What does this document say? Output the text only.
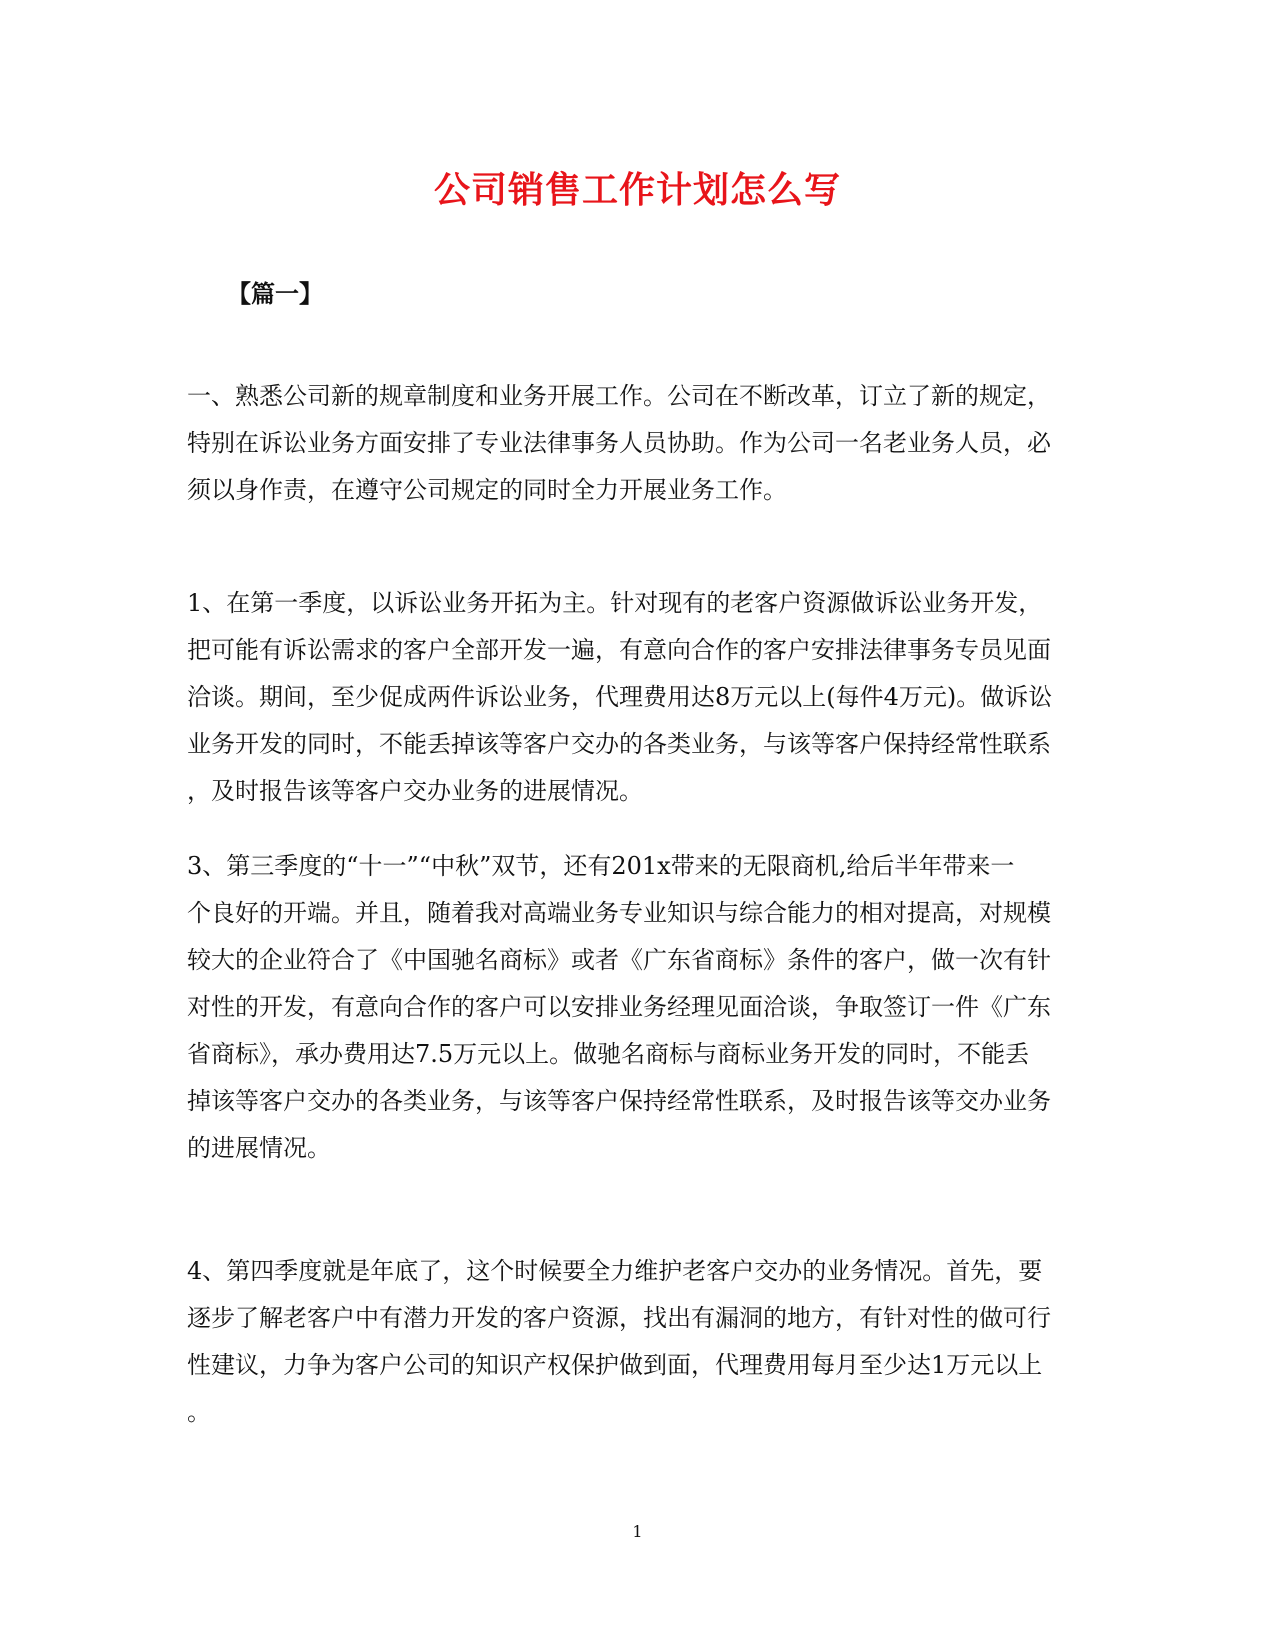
公司销售工作计划怎么写
【篇一】

一、熟悉公司新的规章制度和业务开展工作。公司在不断改革，订立了新的规定，
特别在诉讼业务方面安排了专业法律事务人员协助。作为公司一名老业务人员，必
须以身作责，在遵守公司规定的同时全力开展业务工作。

1、在第一季度，以诉讼业务开拓为主。针对现有的老客户资源做诉讼业务开发，
把可能有诉讼需求的客户全部开发一遍，有意向合作的客户安排法律事务专员见面
洽谈。期间，至少促成两件诉讼业务，代理费用达8万元以上(每件4万元)。做诉讼
业务开发的同时，不能丢掉该等客户交办的各类业务，与该等客户保持经常性联系
，及时报告该等客户交办业务的进展情况。

3、第三季度的“十一”“中秋”双节，还有201x带来的无限商机,给后半年带来一
个良好的开端。并且，随着我对高端业务专业知识与综合能力的相对提高，对规模
较大的企业符合了《中国驰名商标》或者《广东省商标》条件的客户，做一次有针
对性的开发，有意向合作的客户可以安排业务经理见面洽谈，争取签订一件《广东
省商标》，承办费用达7.5万元以上。做驰名商标与商标业务开发的同时，不能丢
掉该等客户交办的各类业务，与该等客户保持经常性联系，及时报告该等交办业务
的进展情况。

4、第四季度就是年底了，这个时候要全力维护老客户交办的业务情况。首先，要
逐步了解老客户中有潜力开发的客户资源，找出有漏洞的地方，有针对性的做可行
性建议，力争为客户公司的知识产权保护做到面，代理费用每月至少达1万元以上
。

1
